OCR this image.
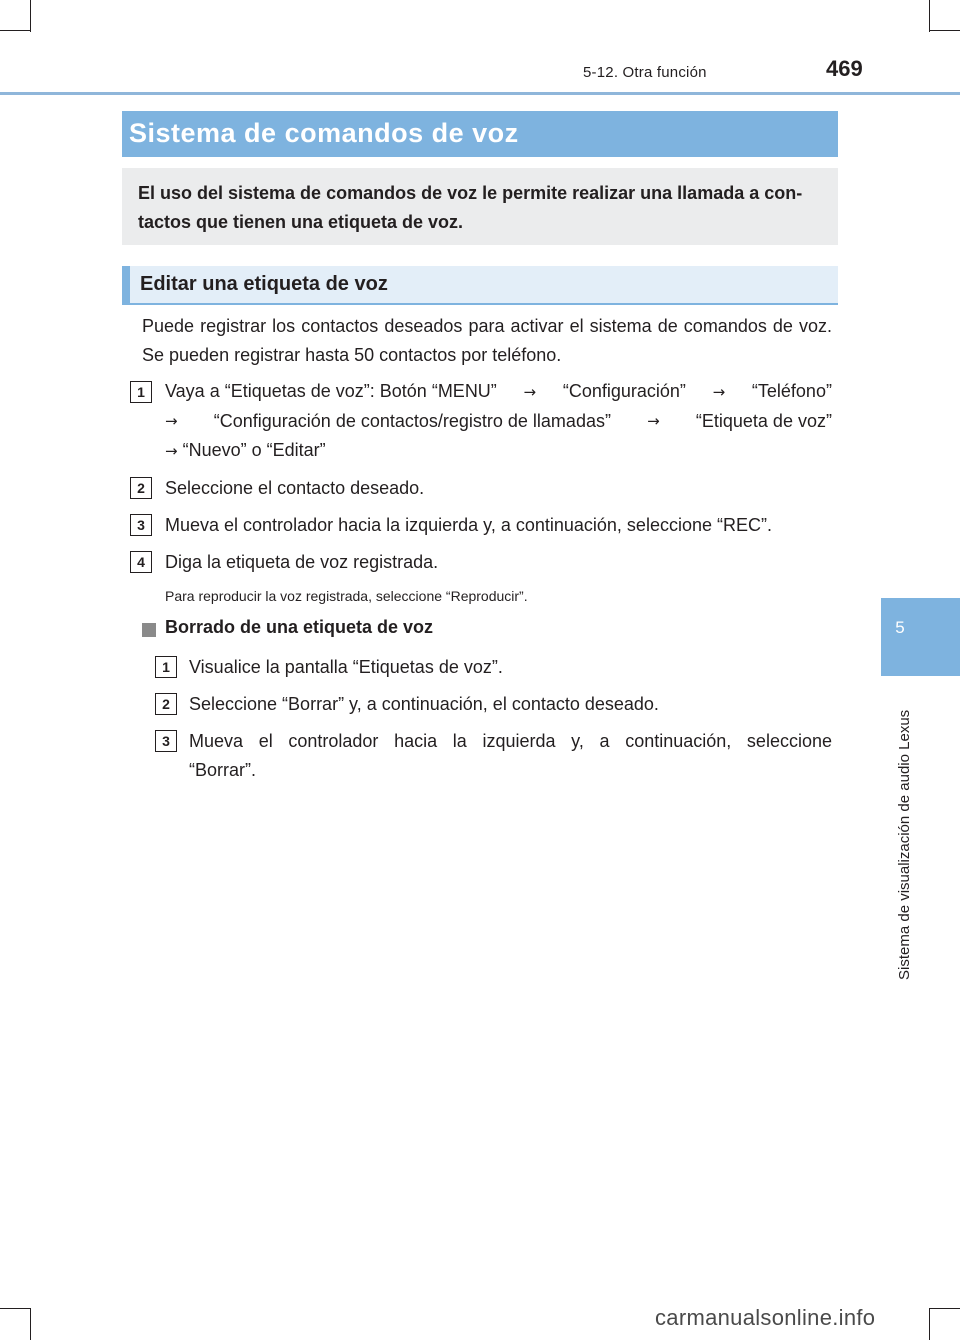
5-12. Otra función	469
5
Sistema de visualización de audio Lexus
Sistema de comandos de voz

El uso del sistema de comandos de voz le permite realizar una llamada a con-tactos que tienen una etiqueta de voz.

Editar una etiqueta de voz
Puede registrar los contactos deseados para activar el sistema de comandos de voz. Se pueden registrar hasta 50 contactos por teléfono.
1	Vaya a “Etiquetas de voz”: Botón “MENU” → “Configuración” → “Teléfono”
→ “Configuración de contactos/registro de llamadas” → “Etiqueta de voz”
→ “Nuevo” o “Editar”
2	Seleccione el contacto deseado.
3	Mueva el controlador hacia la izquierda y, a continuación, seleccione “REC”.
4	Diga la etiqueta de voz registrada.
Para reproducir la voz registrada, seleccione “Reproducir”.
Borrado de una etiqueta de voz
1	Visualice la pantalla “Etiquetas de voz”.
2	Seleccione “Borrar” y, a continuación, el contacto deseado.
3	Mueva el controlador hacia la izquierda y, a continuación, seleccione
“Borrar”.
carmanualsonline.info
